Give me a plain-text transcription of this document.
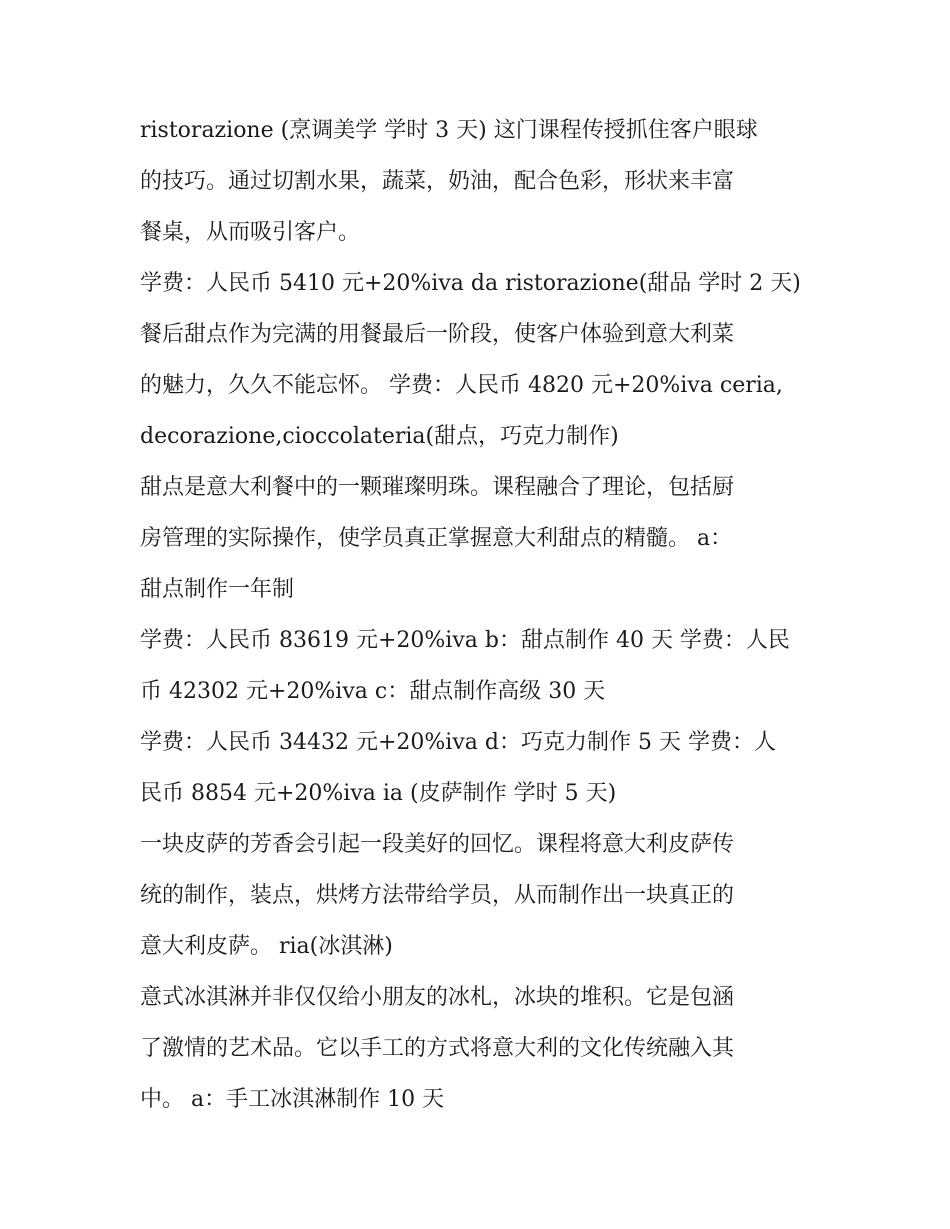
ristorazione (烹调美学 学时 3 天) 这门课程传授抓住客户眼球
的技巧。通过切割水果，蔬菜，奶油，配合色彩，形状来丰富
餐桌，从而吸引客户。
学费：人民币 5410 元+20%iva da ristorazione(甜品 学时 2 天)
餐后甜点作为完满的用餐最后一阶段，使客户体验到意大利菜
的魅力，久久不能忘怀。 学费：人民币 4820 元+20%iva ceria,
decorazione,cioccolateria(甜点，巧克力制作)
甜点是意大利餐中的一颗璀璨明珠。课程融合了理论，包括厨
房管理的实际操作，使学员真正掌握意大利甜点的精髓。 a：
甜点制作一年制
学费：人民币 83619 元+20%iva b：甜点制作 40 天 学费：人民
币 42302 元+20%iva c：甜点制作高级 30 天
学费：人民币 34432 元+20%iva d：巧克力制作 5 天 学费：人
民币 8854 元+20%iva ia (皮萨制作 学时 5 天)
一块皮萨的芳香会引起一段美好的回忆。课程将意大利皮萨传
统的制作，装点，烘烤方法带给学员，从而制作出一块真正的
意大利皮萨。 ria(冰淇淋)
意式冰淇淋并非仅仅给小朋友的冰札，冰块的堆积。它是包涵
了激情的艺术品。它以手工的方式将意大利的文化传统融入其
中。 a：手工冰淇淋制作 10 天
